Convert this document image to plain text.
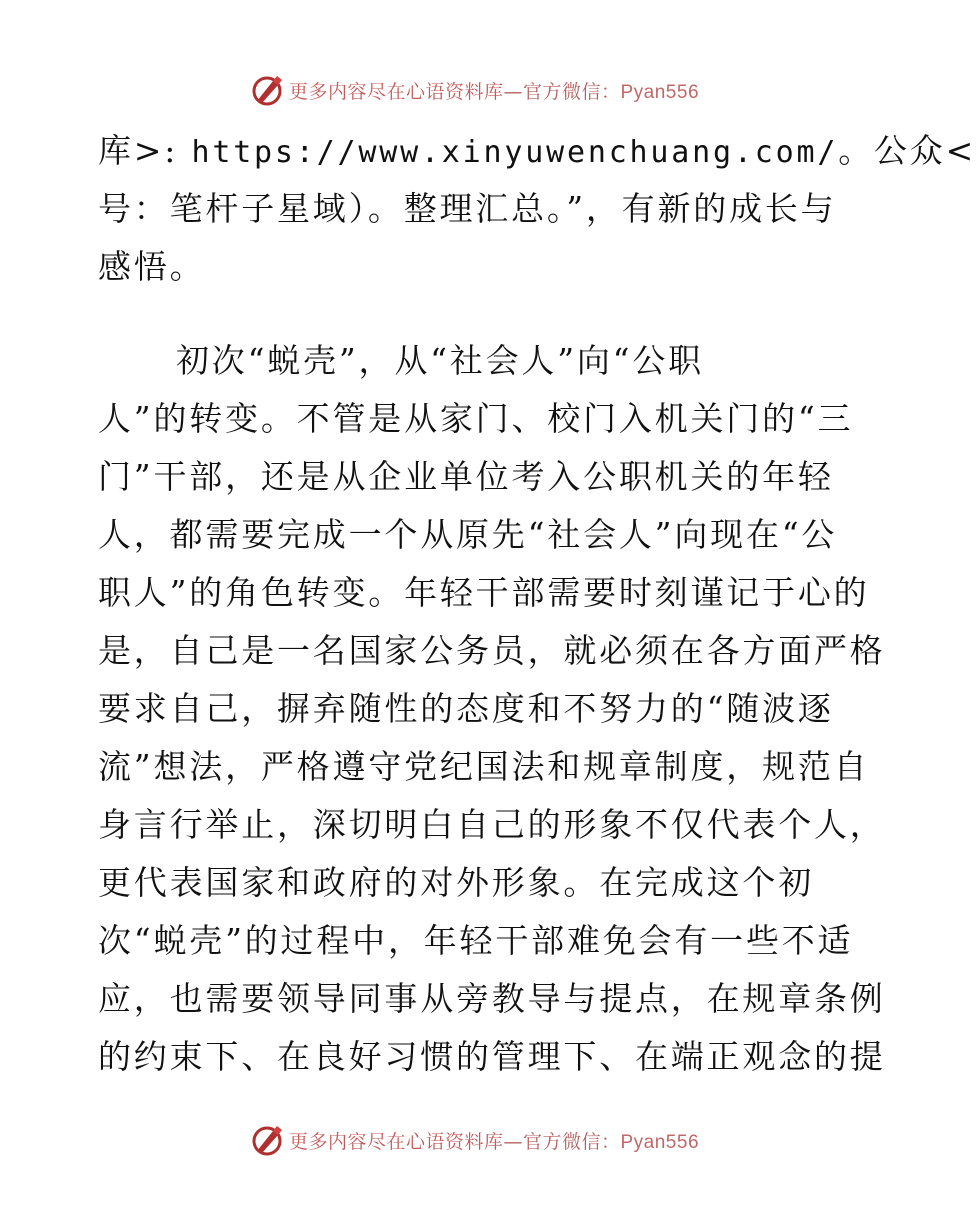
更多内容尽在心语资料库—官方微信：Pyan556
库>: https://www.xinyuwenchuang.com/。公众<
号：笔杆子星域）。整理汇总。”，有新的成长与
感悟。
初次“蜕壳”，从“社会人”向“公职
人”的转变。不管是从家门、校门入机关门的“三
门”干部，还是从企业单位考入公职机关的年轻
人，都需要完成一个从原先“社会人”向现在“公
职人”的角色转变。年轻干部需要时刻谨记于心的
是，自己是一名国家公务员，就必须在各方面严格
要求自己，摒弃随性的态度和不努力的“随波逐
流”想法，严格遵守党纪国法和规章制度，规范自
身言行举止，深切明白自己的形象不仅代表个人，
更代表国家和政府的对外形象。在完成这个初
次“蜕壳”的过程中，年轻干部难免会有一些不适
应，也需要领导同事从旁教导与提点，在规章条例
的约束下、在良好习惯的管理下、在端正观念的提
更多内容尽在心语资料库—官方微信：Pyan556
